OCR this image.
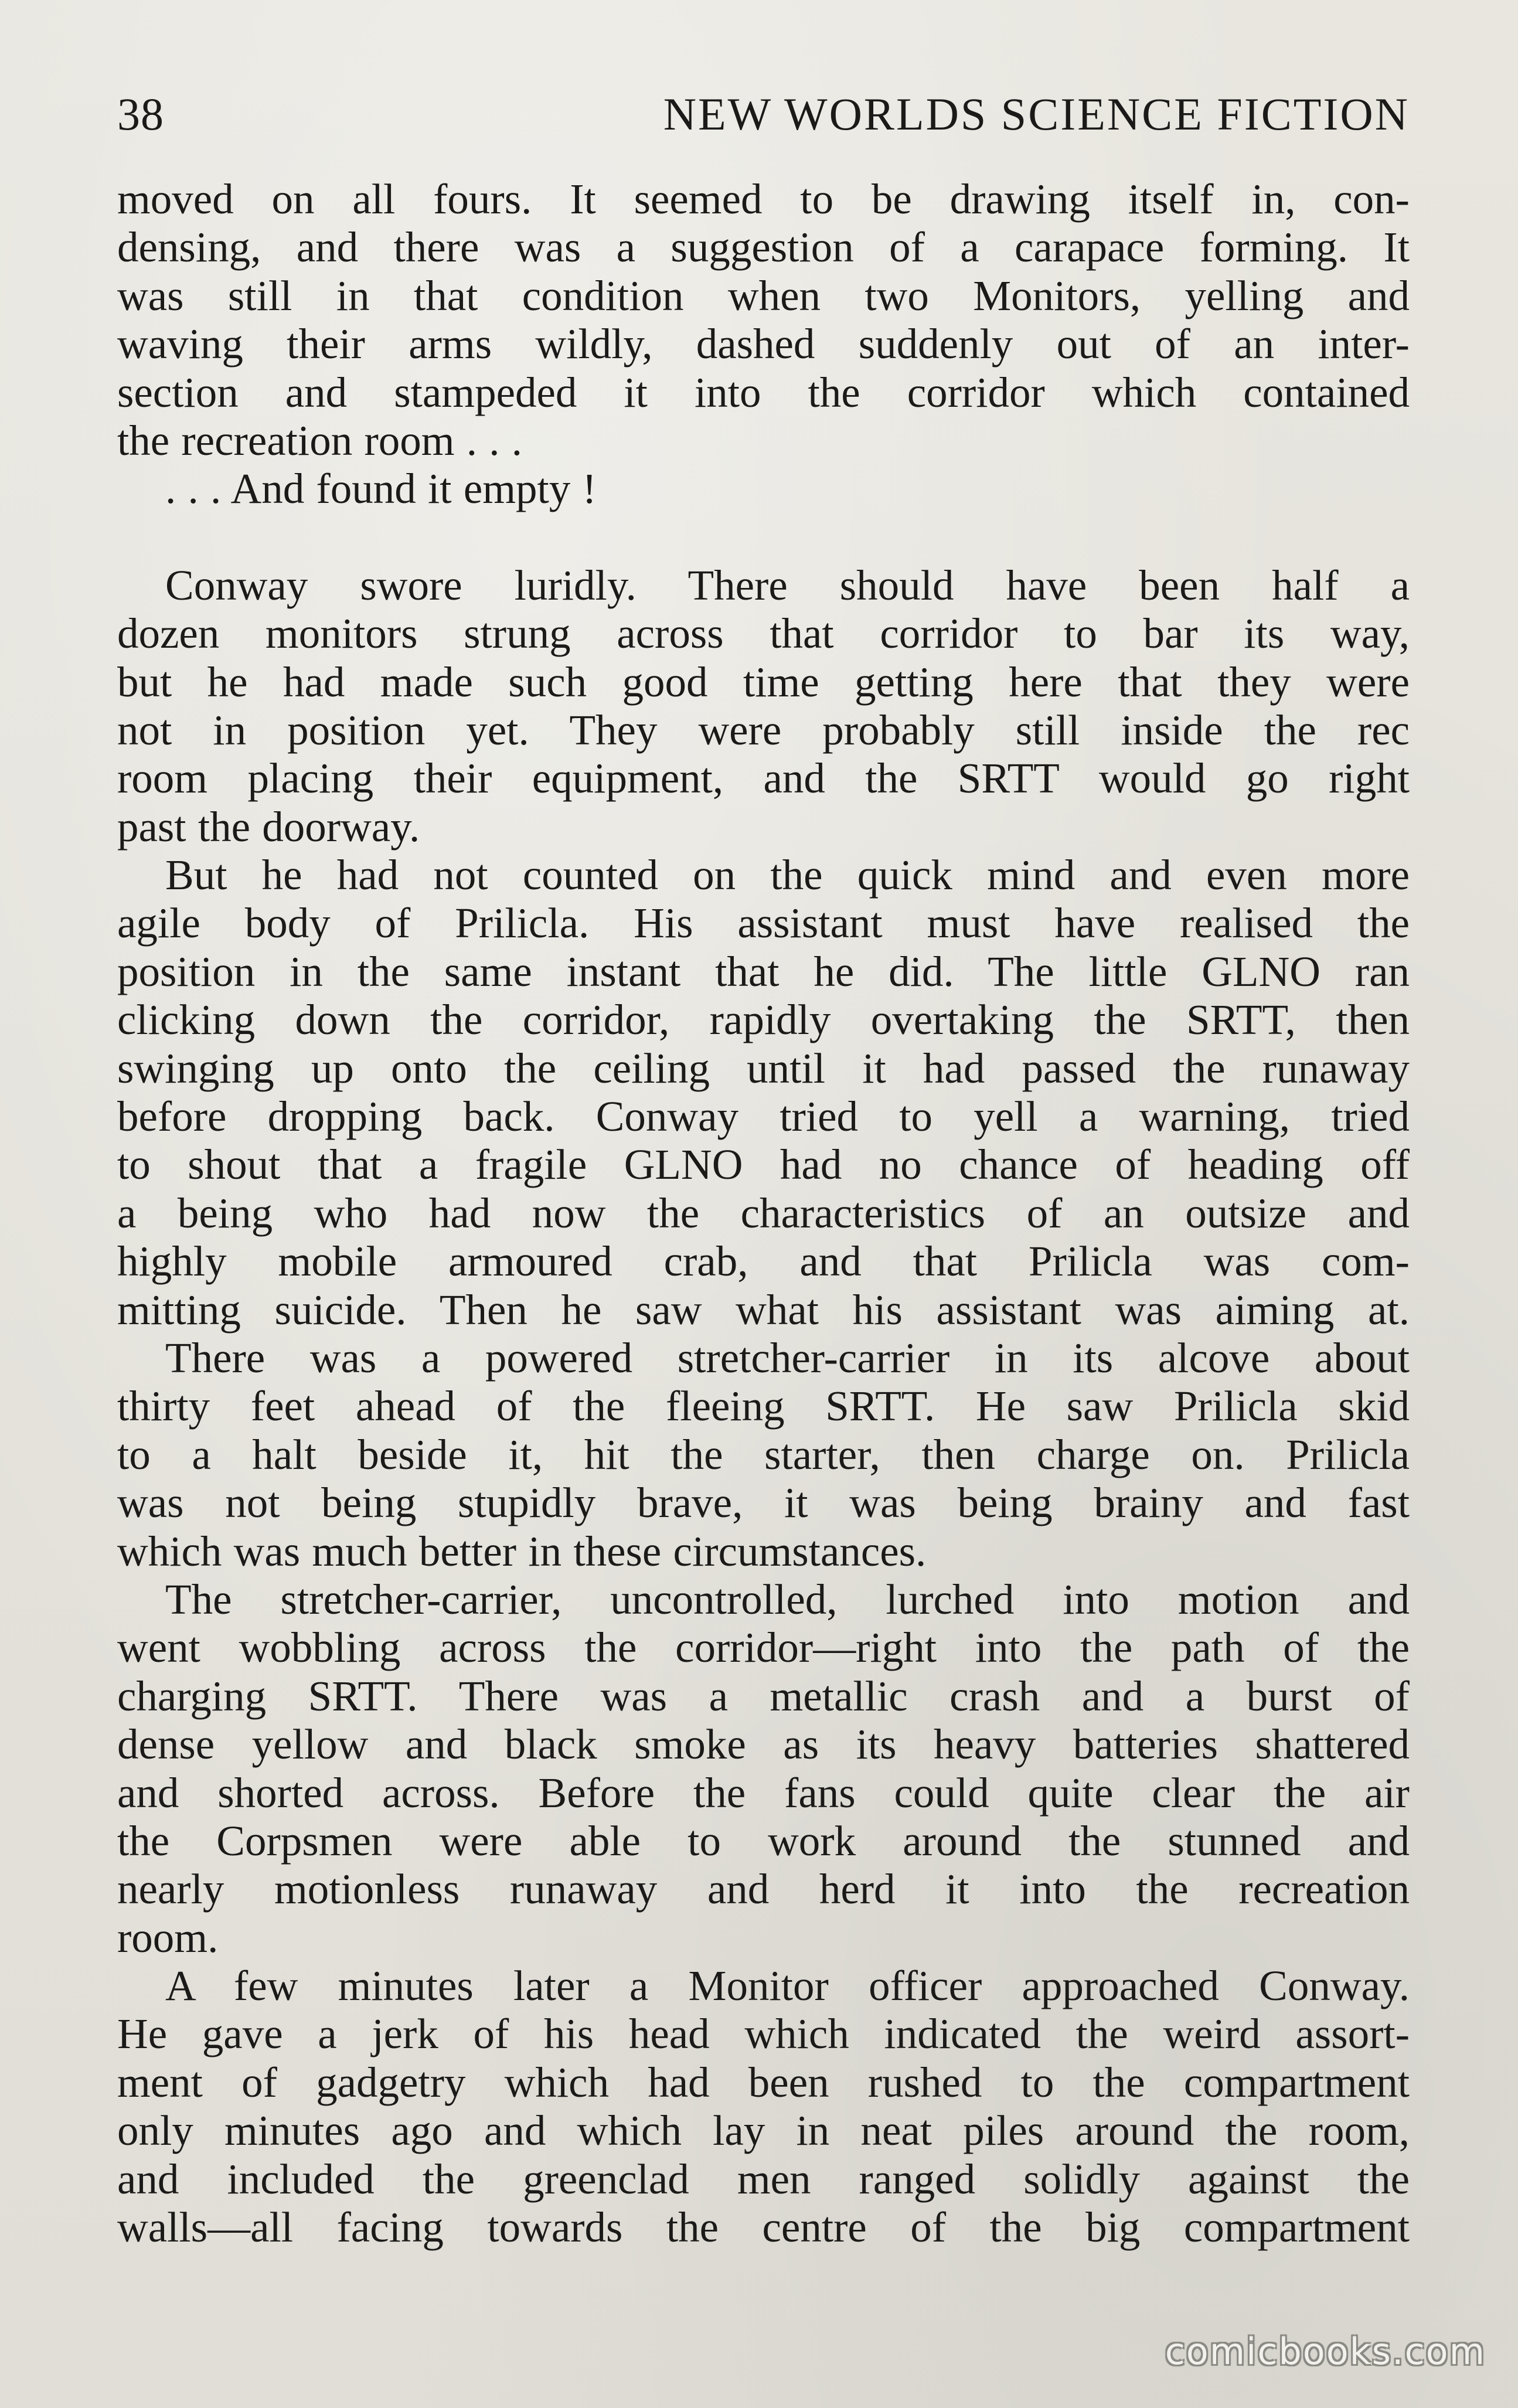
38	NEW WORLDS SCIENCE FICTION
moved on all fours. It seemed to be drawing itself in, con-
densing, and there was a suggestion of a carapace forming. It
was still in that condition when two Monitors, yelling and
waving their arms wildly, dashed suddenly out of an inter-
section and stampeded it into the corridor which contained
the recreation room . . .
. . . And found it empty !
Conway swore luridly. There should have been half a
dozen monitors strung across that corridor to bar its way,
but he had made such good time getting here that they were
not in position yet. They were probably still inside the rec
room placing their equipment, and the SRTT would go right
past the doorway.
But he had not counted on the quick mind and even more
agile body of Prilicla. His assistant must have realised the
position in the same instant that he did. The little GLNO ran
clicking down the corridor, rapidly overtaking the SRTT, then
swinging up onto the ceiling until it had passed the runaway
before dropping back. Conway tried to yell a warning, tried
to shout that a fragile GLNO had no chance of heading off
a being who had now the characteristics of an outsize and
highly mobile armoured crab, and that Prilicla was com-
mitting suicide. Then he saw what his assistant was aiming at.
There was a powered stretcher-carrier in its alcove about
thirty feet ahead of the fleeing SRTT. He saw Prilicla skid
to a halt beside it, hit the starter, then charge on. Prilicla
was not being stupidly brave, it was being brainy and fast
which was much better in these circumstances.
The stretcher-carrier, uncontrolled, lurched into motion and
went wobbling across the corridor—right into the path of the
charging SRTT. There was a metallic crash and a burst of
dense yellow and black smoke as its heavy batteries shattered
and shorted across. Before the fans could quite clear the air
the Corpsmen were able to work around the stunned and
nearly motionless runaway and herd it into the recreation
room.
A few minutes later a Monitor officer approached Conway.
He gave a jerk of his head which indicated the weird assort-
ment of gadgetry which had been rushed to the compartment
only minutes ago and which lay in neat piles around the room,
and included the greenclad men ranged solidly against the
walls—all facing towards the centre of the big compartment
comicbooks.com
